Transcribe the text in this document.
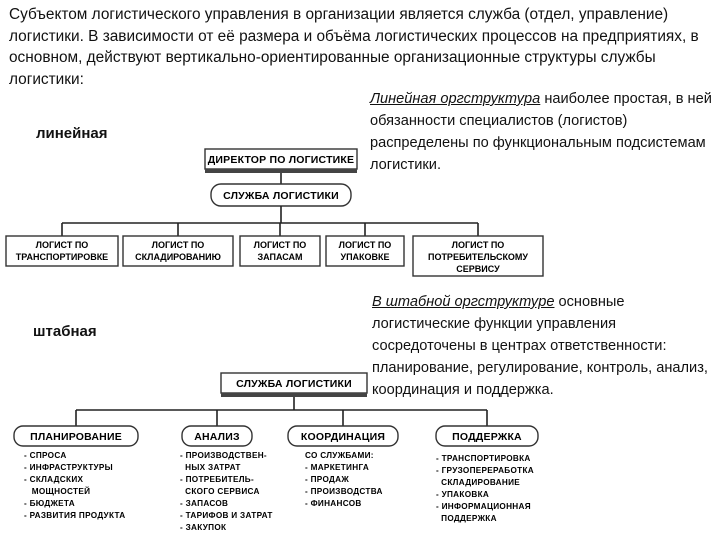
Субъектом логистического управления в организации является служба (отдел, управление) логистики. В зависимости от её размера и объёма логистических процессов на предприятиях, в основном, действуют вертикально-ориентированные организационные структуры службы логистики:
Линейная оргструктура наиболее простая, в ней обязанности специалистов (логистов) распределены по функциональным подсистемам логистики.
линейная
В штабной оргструктуре основные логистические функции управления сосредоточены в центрах ответственности: планирование, регулирование, контроль, анализ, координация и поддержка.
штабная
ДИРЕКТОР ПО ЛОГИСТИКЕ
СЛУЖБА ЛОГИСТИКИ
ЛОГИСТ ПО
ТРАНСПОРТИРОВКЕ
ЛОГИСТ ПО
СКЛАДИРОВАНИЮ
ЛОГИСТ ПО
ЗАПАСАМ
ЛОГИСТ ПО
УПАКОВКЕ
ЛОГИСТ ПО
ПОТРЕБИТЕЛЬСКОМУ
СЕРВИСУ
СЛУЖБА ЛОГИСТИКИ
ПЛАНИРОВАНИЕ	АНАЛИЗ	КООРДИНАЦИЯ	ПОДДЕРЖКА
- СПРОСА
- ИНФРАСТРУКТУРЫ
- СКЛАДСКИХ
МОЩНОСТЕЙ
- БЮДЖЕТА
- РАЗВИТИЯ ПРОДУКТА
- ПРОИЗВОДСТВЕН-
НЫХ ЗАТРАТ
- ПОТРЕБИТЕЛЬ-
СКОГО СЕРВИСА
- ЗАПАСОВ
- ТАРИФОВ И ЗАТРАТ
- ЗАКУПОК
СО СЛУЖБАМИ:
- МАРКЕТИНГА
- ПРОДАЖ
- ПРОИЗВОДСТВА
- ФИНАНСОВ
- ТРАНСПОРТИРОВКА
- ГРУЗОПЕРЕРАБОТКА
СКЛАДИРОВАНИЕ
- УПАКОВКА
- ИНФОРМАЦИОННАЯ
ПОДДЕРЖКА
